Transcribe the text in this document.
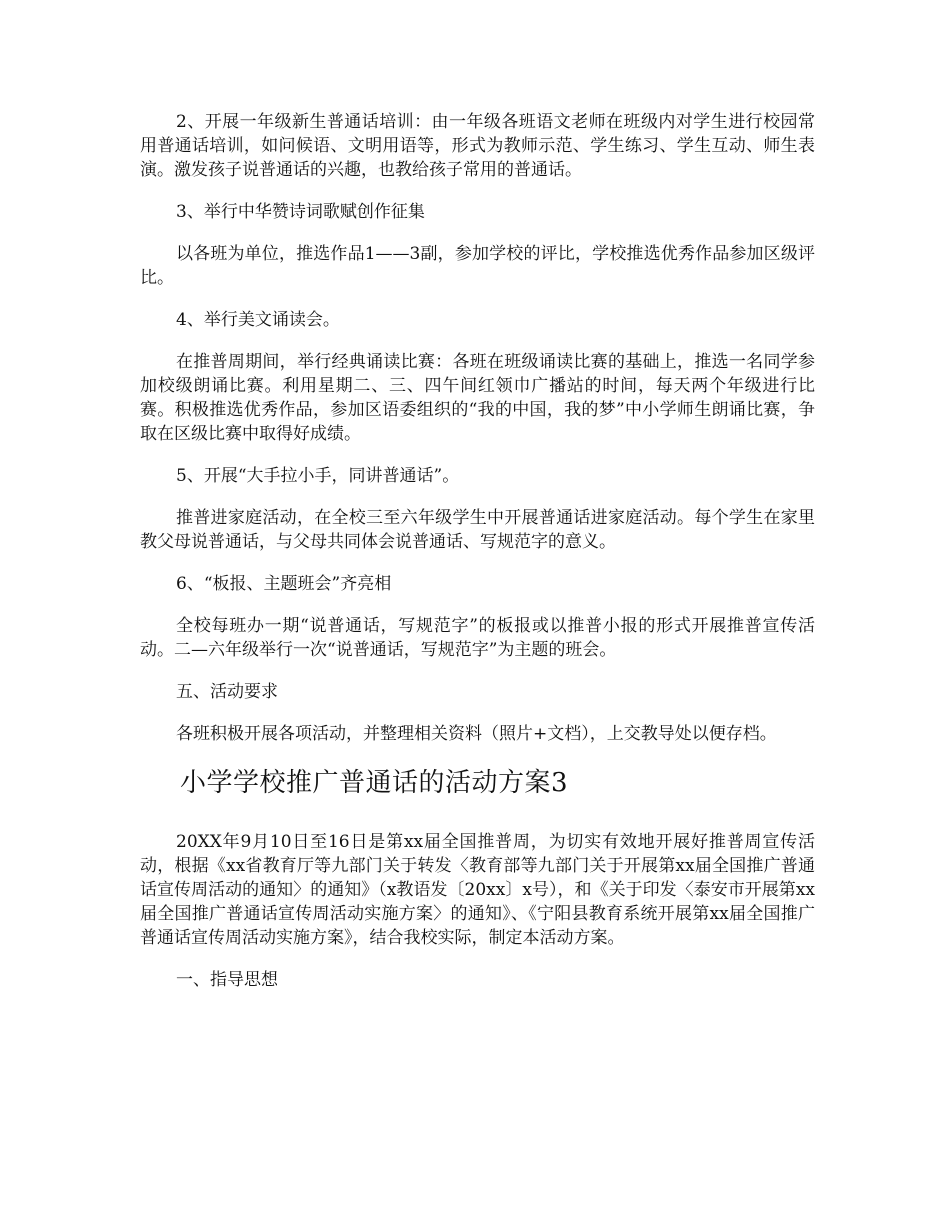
2、开展一年级新生普通话培训：由一年级各班语文老师在班级内对学生进行校园常用普通话培训，如问候语、文明用语等，形式为教师示范、学生练习、学生互动、师生表演。激发孩子说普通话的兴趣，也教给孩子常用的普通话。

3、举行中华赞诗词歌赋创作征集

以各班为单位，推选作品1——3副，参加学校的评比，学校推选优秀作品参加区级评比。

4、举行美文诵读会。

在推普周期间，举行经典诵读比赛：各班在班级诵读比赛的基础上，推选一名同学参加校级朗诵比赛。利用星期二、三、四午间红领巾广播站的时间，每天两个年级进行比赛。积极推选优秀作品，参加区语委组织的“我的中国，我的梦”中小学师生朗诵比赛，争取在区级比赛中取得好成绩。

5、开展“大手拉小手，同讲普通话”。

推普进家庭活动，在全校三至六年级学生中开展普通话进家庭活动。每个学生在家里教父母说普通话，与父母共同体会说普通话、写规范字的意义。

6、“板报、主题班会”齐亮相

全校每班办一期“说普通话，写规范字”的板报或以推普小报的形式开展推普宣传活动。二—六年级举行一次“说普通话，写规范字”为主题的班会。

五、活动要求

各班积极开展各项活动，并整理相关资料（照片+文档），上交教导处以便存档。

小学学校推广普通话的活动方案3

20XX年9月10日至16日是第xx届全国推普周，为切实有效地开展好推普周宣传活动，根据《xx省教育厅等九部门关于转发〈教育部等九部门关于开展第xx届全国推广普通话宣传周活动的通知〉的通知》（x教语发〔20xx〕x号），和《关于印发〈泰安市开展第xx届全国推广普通话宣传周活动实施方案〉的通知》、《宁阳县教育系统开展第xx届全国推广普通话宣传周活动实施方案》，结合我校实际，制定本活动方案。

一、指导思想
